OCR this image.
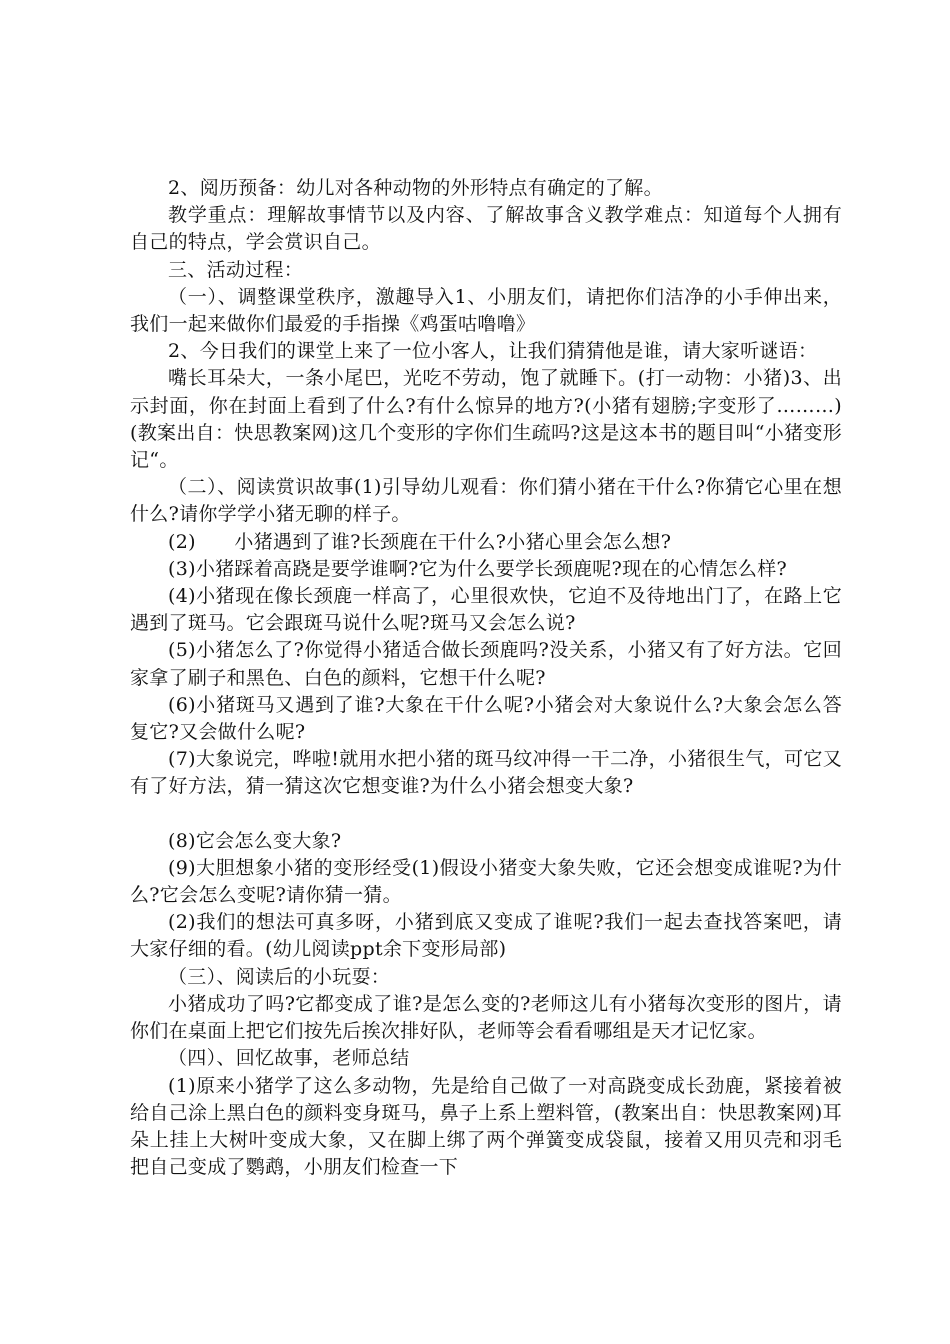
2、阅历预备：幼儿对各种动物的外形特点有确定的了解。

教学重点：理解故事情节以及内容、了解故事含义教学难点：知道每个人拥有自己的特点，学会赏识自己。

三、活动过程：

（一）、调整课堂秩序，激趣导入1、小朋友们，请把你们洁净的小手伸出来，我们一起来做你们最爱的手指操《鸡蛋咕噜噜》

2、今日我们的课堂上来了一位小客人，让我们猜猜他是谁，请大家听谜语：

嘴长耳朵大，一条小尾巴，光吃不劳动，饱了就睡下。(打一动物：小猪)3、出示封面，你在封面上看到了什么?有什么惊异的地方?(小猪有翅膀;字变形了………)(教案出自：快思教案网)这几个变形的字你们生疏吗?这是这本书的题目叫“小猪变形记“。

（二）、阅读赏识故事(1)引导幼儿观看：你们猜小猪在干什么?你猜它心里在想什么?请你学学小猪无聊的样子。

(2)　　小猪遇到了谁?长颈鹿在干什么?小猪心里会怎么想?

(3)小猪踩着高跷是要学谁啊?它为什么要学长颈鹿呢?现在的心情怎么样?

(4)小猪现在像长颈鹿一样高了，心里很欢快，它迫不及待地出门了，在路上它遇到了斑马。它会跟斑马说什么呢?斑马又会怎么说?

(5)小猪怎么了?你觉得小猪适合做长颈鹿吗?没关系，小猪又有了好方法。它回家拿了刷子和黑色、白色的颜料，它想干什么呢?

(6)小猪斑马又遇到了谁?大象在干什么呢?小猪会对大象说什么?大象会怎么答复它?又会做什么呢?

(7)大象说完，哗啦!就用水把小猪的斑马纹冲得一干二净，小猪很生气，可它又有了好方法，猜一猜这次它想变谁?为什么小猪会想变大象?

(8)它会怎么变大象?

(9)大胆想象小猪的变形经受(1)假设小猪变大象失败，它还会想变成谁呢?为什么?它会怎么变呢?请你猜一猜。

(2)我们的想法可真多呀，小猪到底又变成了谁呢?我们一起去查找答案吧，请大家仔细的看。(幼儿阅读ppt余下变形局部)

（三）、阅读后的小玩耍：

小猪成功了吗?它都变成了谁?是怎么变的?老师这儿有小猪每次变形的图片，请你们在桌面上把它们按先后挨次排好队，老师等会看看哪组是天才记忆家。

（四）、回忆故事，老师总结

(1)原来小猪学了这么多动物，先是给自己做了一对高跷变成长劲鹿，紧接着被给自己涂上黑白色的颜料变身斑马，鼻子上系上塑料管，(教案出自：快思教案网)耳朵上挂上大树叶变成大象，又在脚上绑了两个弹簧变成袋鼠，接着又用贝壳和羽毛把自己变成了鹦鹉，小朋友们检查一下
